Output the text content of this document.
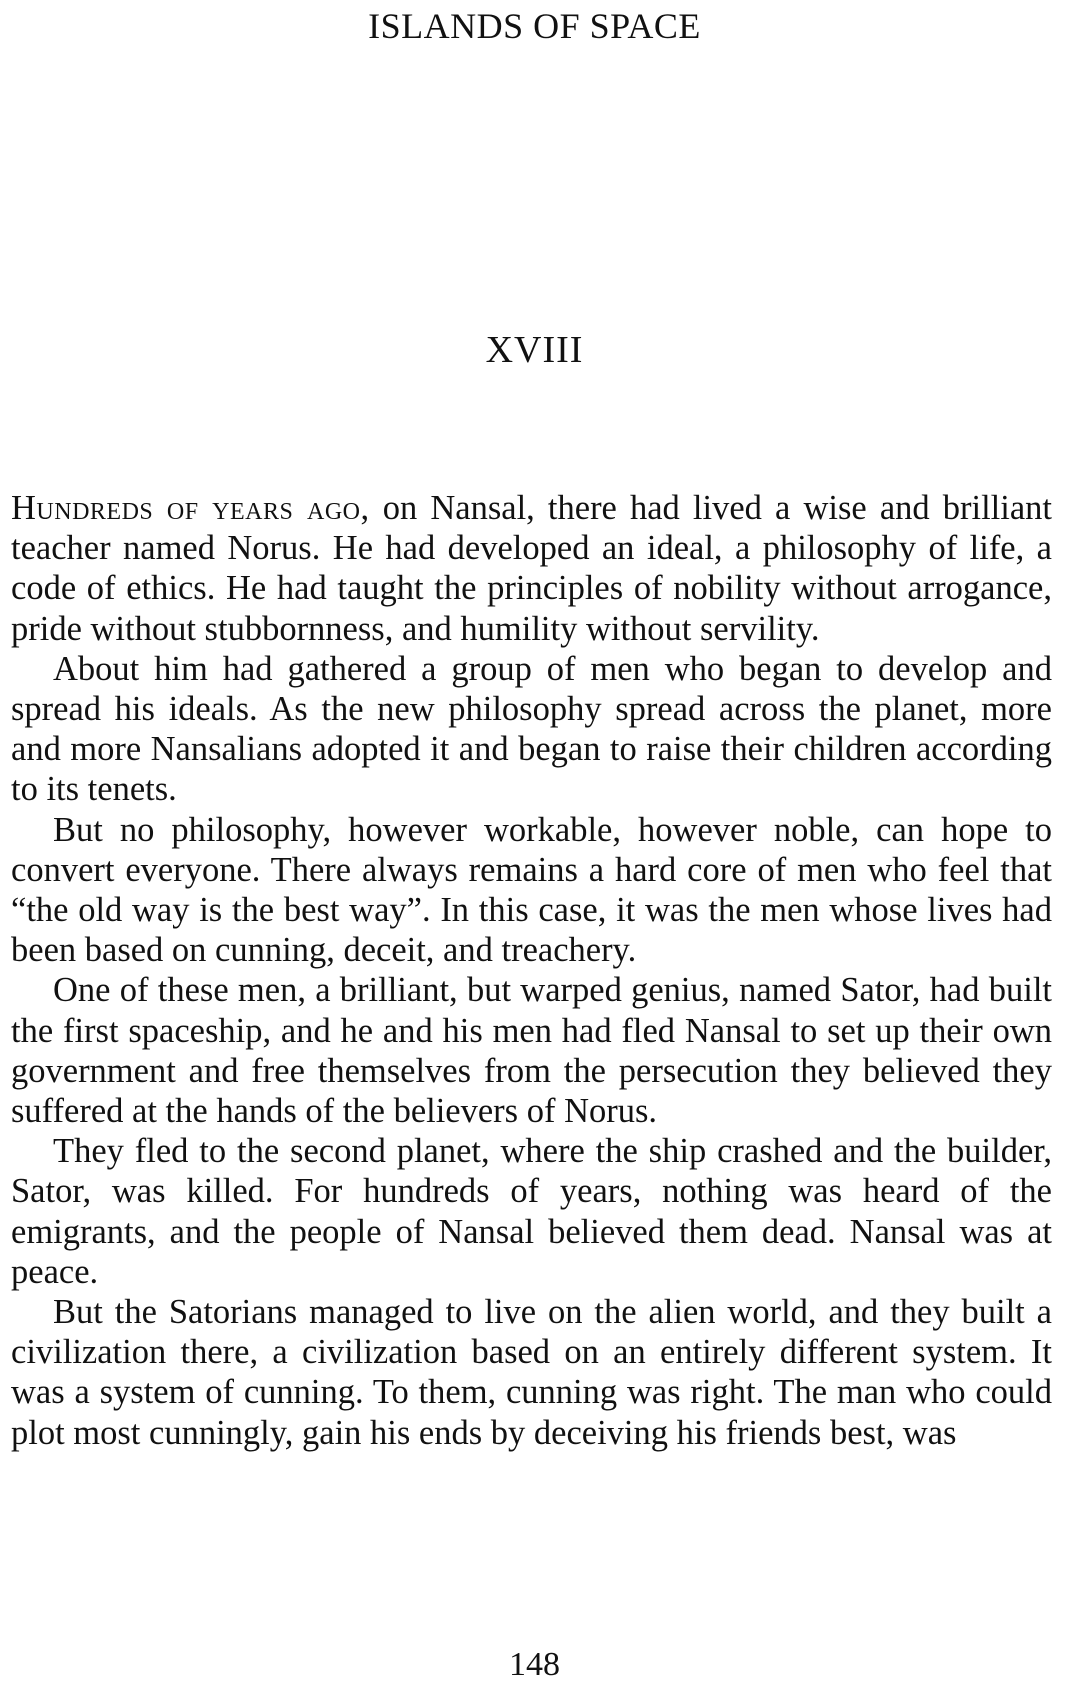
ISLANDS OF SPACE
XVIII

Hundreds of years ago, on Nansal, there had lived a wise and brilliant teacher named Norus. He had developed an ideal, a philosophy of life, a code of ethics. He had taught the principles of nobility without arrogance, pride without stubbornness, and humility without servility.

About him had gathered a group of men who began to develop and spread his ideals. As the new philosophy spread across the planet, more and more Nansalians adopted it and began to raise their children according to its tenets.

But no philosophy, however workable, however noble, can hope to convert everyone. There always remains a hard core of men who feel that “the old way is the best way”. In this case, it was the men whose lives had been based on cunning, deceit, and treachery.

One of these men, a brilliant, but warped genius, named Sator, had built the first spaceship, and he and his men had fled Nansal to set up their own government and free themselves from the persecution they believed they suffered at the hands of the believers of Norus.

They fled to the second planet, where the ship crashed and the builder, Sator, was killed. For hundreds of years, nothing was heard of the emigrants, and the people of Nansal believed them dead. Nansal was at peace.

But the Satorians managed to live on the alien world, and they built a civilization there, a civilization based on an entirely different system. It was a system of cunning. To them, cunning was right. The man who could plot most cunningly, gain his ends by deceiving his friends best, was

148
